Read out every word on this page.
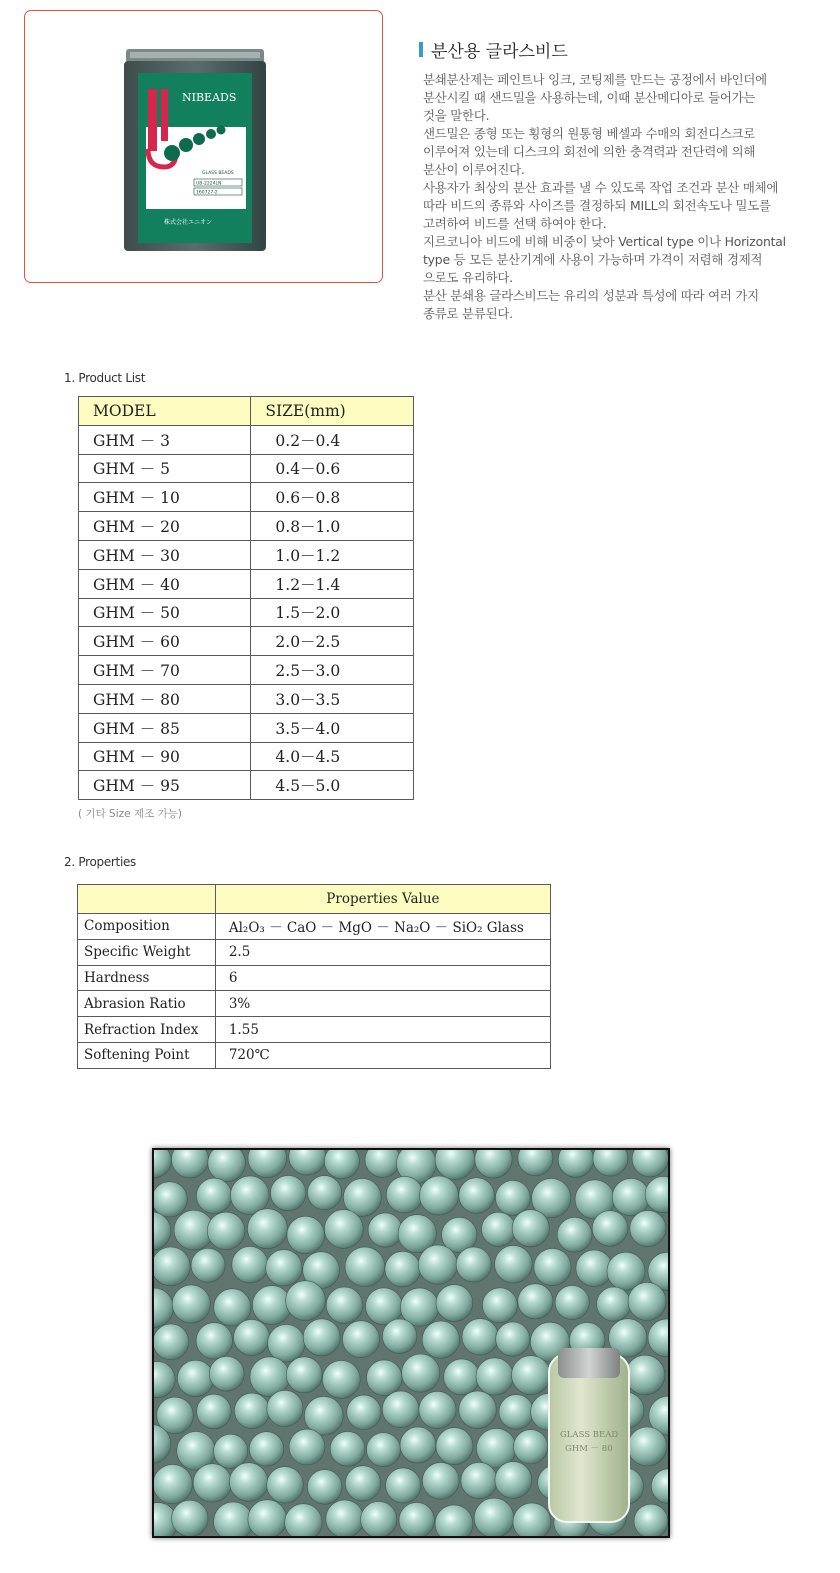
NIBEADS
GLASS BEADS
UB-2224LN
160727-2
株式会社ユニオン
분산용 글라스비드

분쇄분산제는 페인트나 잉크, 코팅제를 만드는 공정에서 바인더에

분산시킬 때 샌드밀을 사용하는데, 이때 분산메디아로 들어가는

것을 말한다.

샌드밀은 종형 또는 횡형의 원통형 베셀과 수매의 회전디스크로

이루어져 있는데 디스크의 회전에 의한 충격력과 전단력에 의해

분산이 이루어진다.

사용자가 최상의 분산 효과를 낼 수 있도록 작업 조건과 분산 매체에

따라 비드의 종류와 사이즈를 결정하되 MILL의 회전속도나 밀도를

고려하여 비드를 선택 하여야 한다.

지르코니아 비드에 비해 비중이 낮아 Vertical type 이나 Horizontal

type 등 모든 분산기계에 사용이 가능하며 가격이 저렴해 경제적

으로도 유리하다.

분산 분쇄용 글라스비드는 유리의 성분과 특성에 따라 여러 가지

종류로 분류된다.

1. Product List
MODEL	SIZE(mm)
GHM － 3	0.2－0.4
GHM － 5	0.4－0.6
GHM － 10	0.6－0.8
GHM － 20	0.8－1.0
GHM － 30	1.0－1.2
GHM － 40	1.2－1.4
GHM － 50	1.5－2.0
GHM － 60	2.0－2.5
GHM － 70	2.5－3.0
GHM － 80	3.0－3.5
GHM － 85	3.5－4.0
GHM － 90	4.0－4.5
GHM － 95	4.5－5.0
( 기타 Size 제조 가능)
2. Properties
	Properties Value
Composition	Al₂O₃ － CaO － MgO － Na₂O － SiO₂ Glass
Specific Weight	2.5
Hardness	6
Abrasion Ratio	3%
Refraction Index	1.55
Softening Point	720℃
GLASS BEAD
GHM － 80
